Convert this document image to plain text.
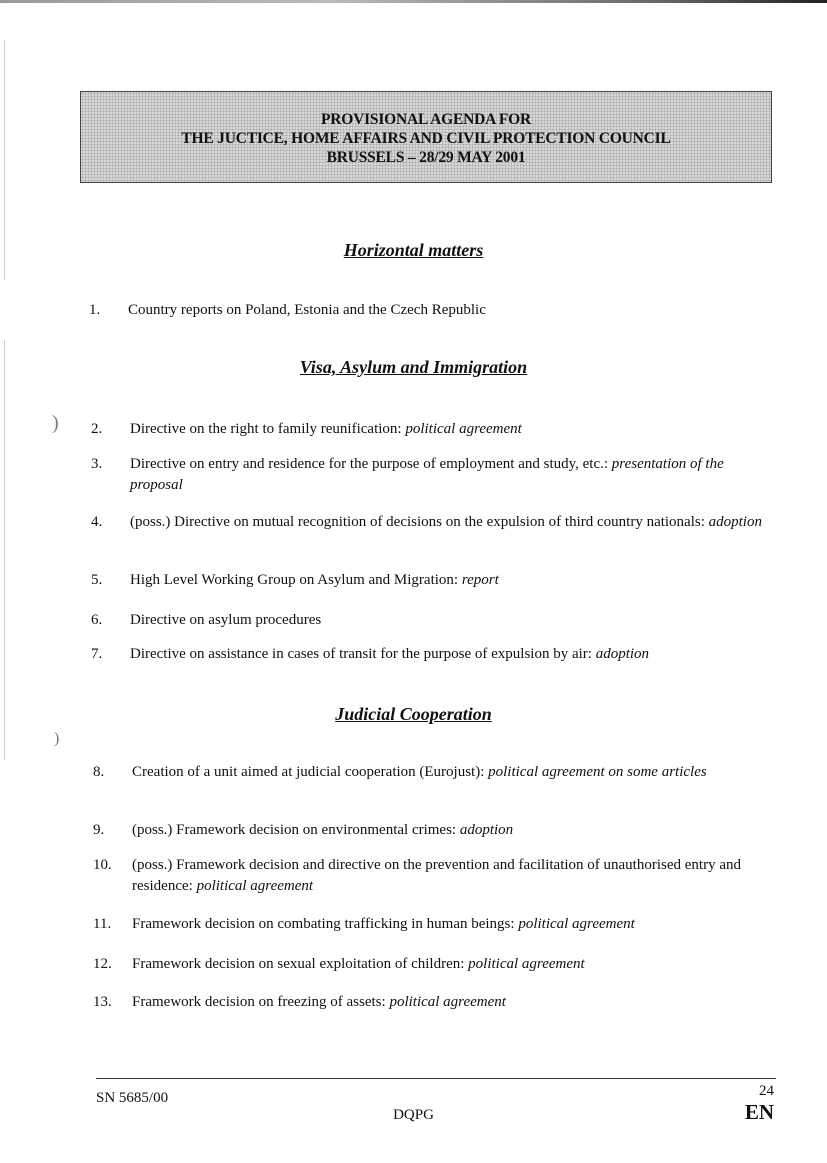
)
)
PROVISIONAL AGENDA FOR
THE JUCTICE, HOME AFFAIRS AND CIVIL PROTECTION COUNCIL
BRUSSELS – 28/29 MAY 2001
Horizontal matters
1. Country reports on Poland, Estonia and the Czech Republic
Visa, Asylum and Immigration
2. Directive on the right to family reunification: political agreement
3. Directive on entry and residence for the purpose of employment and study, etc.: presentation of the proposal
4. (poss.) Directive on mutual recognition of decisions on the expulsion of third country nationals: adoption
5. High Level Working Group on Asylum and Migration: report
6. Directive on asylum procedures
7. Directive on assistance in cases of transit for the purpose of expulsion by air: adoption
Judicial Cooperation
8. Creation of a unit aimed at judicial cooperation (Eurojust): political agreement on some articles
9. (poss.) Framework decision on environmental crimes: adoption
10. (poss.) Framework decision and directive on the prevention and facilitation of unauthorised entry and residence: political agreement
11. Framework decision on combating trafficking in human beings: political agreement
12. Framework decision on sexual exploitation of children: political agreement
13. Framework decision on freezing of assets: political agreement
SN 5685/00
DQPG
24
EN
